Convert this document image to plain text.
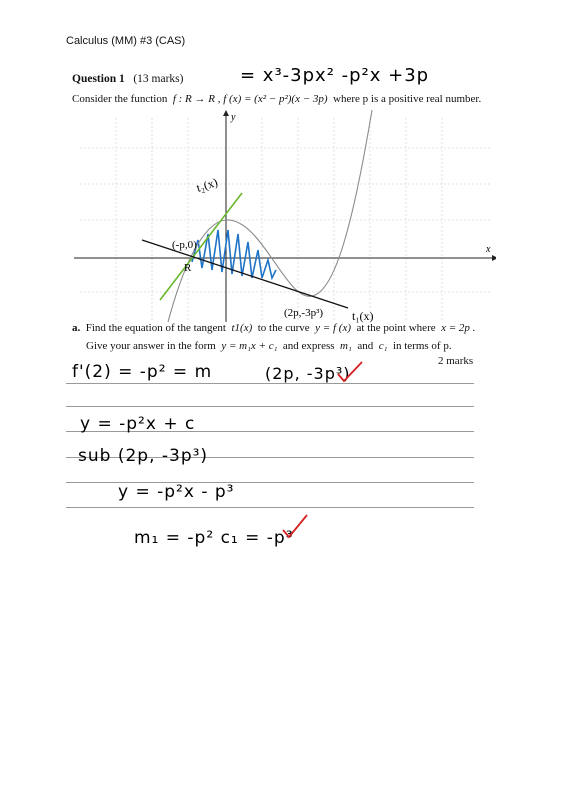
Calculus (MM) #3 (CAS)
Question 1 (13 marks)	= x³-3px² -p²x +3p
Consider the function f : R → R , f (x) = (x² − p²)(x − 3p) where p is a positive real number.
x
y
t₂(x)
(-p,0)
R
(2p,-3p³) t₁(x)
a. Find the equation of the tangent t1(x) to the curve y = f (x) at the point where x = 2p .
Give your answer in the form y = m₁x + c₁ and express m₁ and c₁ in terms of p.
2 marks
f'(2) = -p² = m	(2p, -3p³)
y = -p²x + c
sub (2p, -3p³)
y = -p²x - p³
m₁ = -p² c₁ = -p³
